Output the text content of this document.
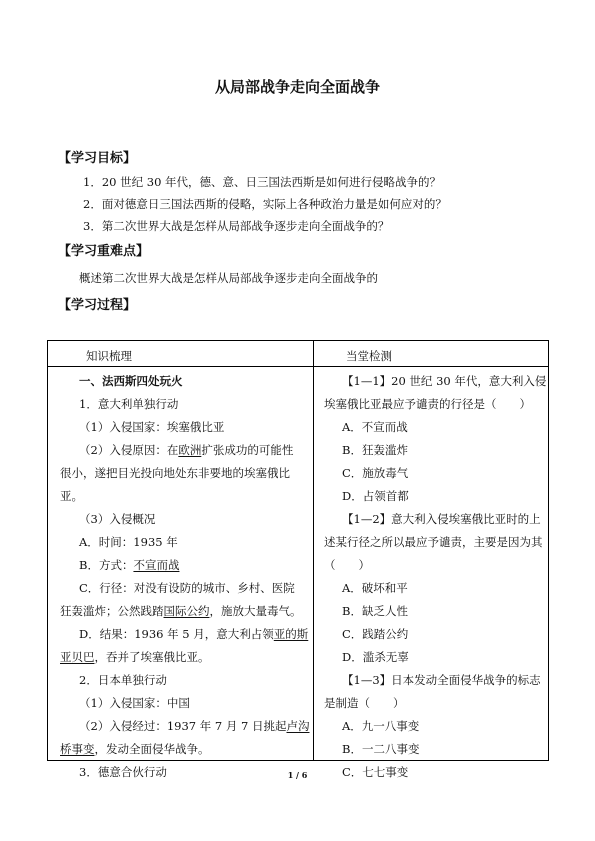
从局部战争走向全面战争
【学习目标】
1．20 世纪 30 年代，德、意、日三国法西斯是如何进行侵略战争的？
2．面对德意日三国法西斯的侵略，实际上各种政治力量是如何应对的？
3．第二次世界大战是怎样从局部战争逐步走向全面战争的？
【学习重难点】
概述第二次世界大战是怎样从局部战争逐步走向全面战争的
【学习过程】
知识梳理	当堂检测
一、法西斯四处玩火
1．意大利单独行动
（1）入侵国家：埃塞俄比亚
（2）入侵原因：在欧洲扩张成功的可能性
很小，遂把目光投向地处东非要地的埃塞俄比
亚。
（3）入侵概况
A．时间：1935 年
B．方式：不宣而战
C．行径：对没有设防的城市、乡村、医院
狂轰滥炸；公然践踏国际公约，施放大量毒气。
D．结果：1936 年 5 月，意大利占领亚的斯
亚贝巴，吞并了埃塞俄比亚。
2．日本单独行动
（1）入侵国家：中国
（2）入侵经过：1937 年 7 月 7 日挑起卢沟
桥事变，发动全面侵华战争。
3．德意合伙行动
【1—1】20 世纪 30 年代，意大利入侵
埃塞俄比亚最应予谴责的行径是（　　）
A．不宣而战
B．狂轰滥炸
C．施放毒气
D．占领首都
【1—2】意大利入侵埃塞俄比亚时的上
述某行径之所以最应予谴责，主要是因为其
（　　）
A．破坏和平
B．缺乏人性
C．践踏公约
D．滥杀无辜
【1—3】日本发动全面侵华战争的标志
是制造（　　）
A．九一八事变
B．一二八事变
C．七七事变
1 / 6
